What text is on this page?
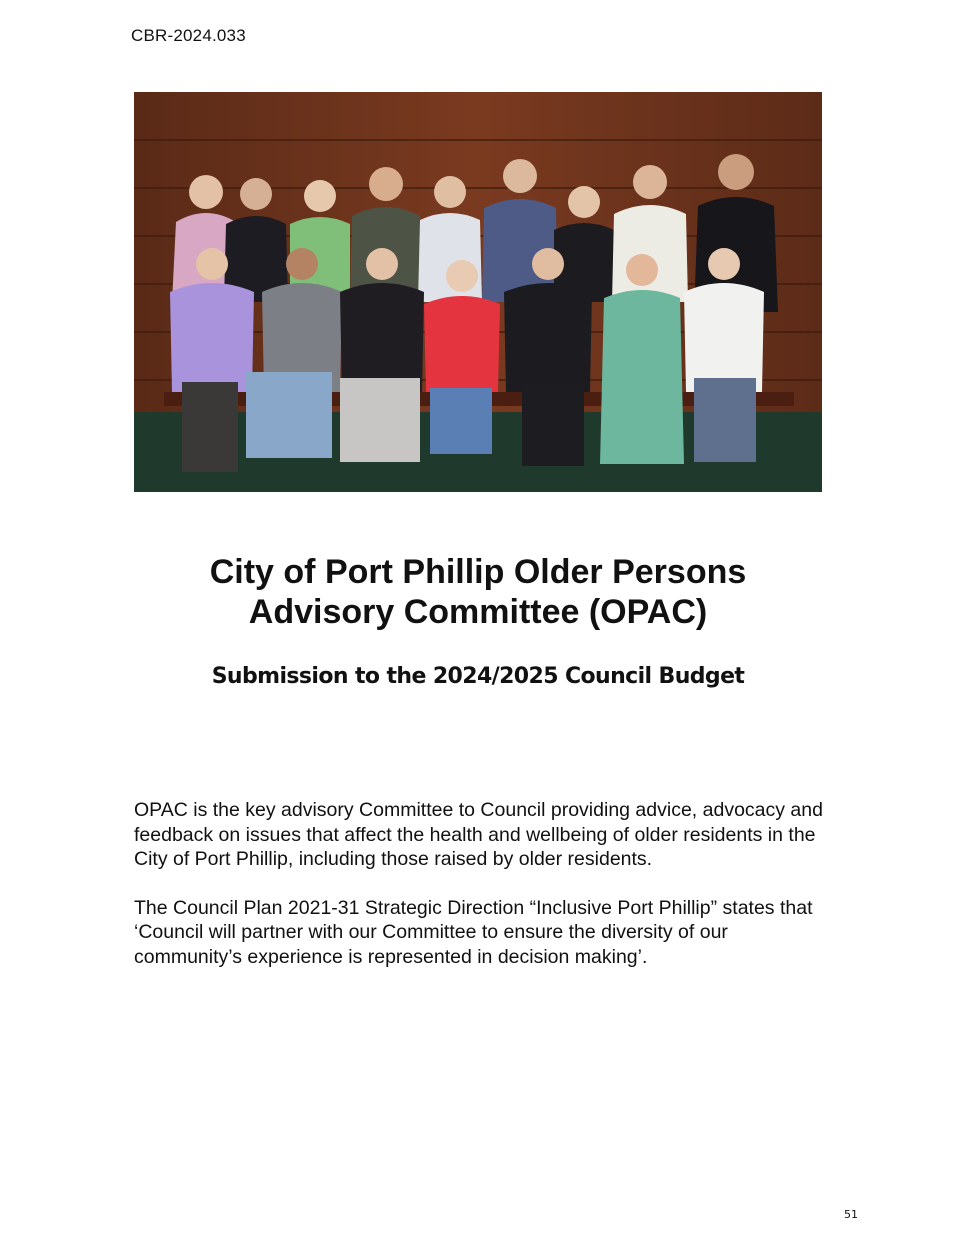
CBR-2024.033
City of Port Phillip Older Persons
Advisory Committee (OPAC)
Submission to the 2024/2025 Council Budget

OPAC is the key advisory Committee to Council providing advice, advocacy and feedback on issues that affect the health and wellbeing of older residents in the City of Port Phillip, including those raised by older residents.

The Council Plan 2021-31 Strategic Direction “Inclusive Port Phillip” states that ‘Council will partner with our Committee to ensure the diversity of our community’s experience is represented in decision making’.

51
